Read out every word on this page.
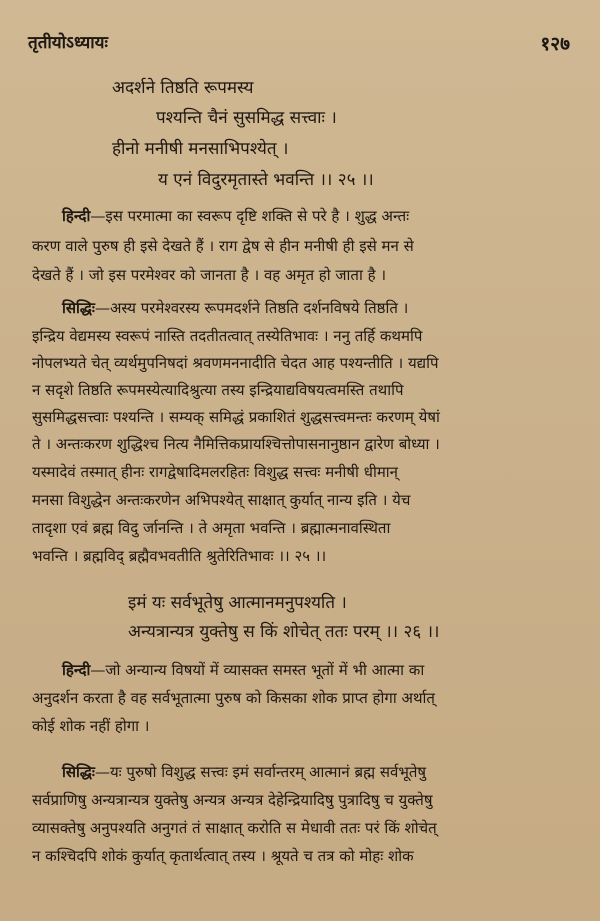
तृतीयोऽध्यायः	१२७
अदर्शने तिष्ठति रूपमस्य
पश्यन्ति चैनं सुसमिद्ध सत्त्वाः ।
हीनो मनीषी मनसाभिपश्येत् ।
य एनं विदुरमृतास्ते भवन्ति ।। २५ ।।
हिन्दी—इस परमात्मा का स्वरूप दृष्टि शक्ति से परे है । शुद्ध अन्तः
करण वाले पुरुष ही इसे देखते हैं । राग द्वेष से हीन मनीषी ही इसे मन से
देखते हैं । जो इस परमेश्वर को जानता है । वह अमृत हो जाता है ।
सिद्धिः—अस्य परमेश्वरस्य रूपमदर्शने तिष्ठति दर्शनविषये तिष्ठति ।
इन्द्रिय वेद्यमस्य स्वरूपं नास्ति तदतीतत्वात् तस्येतिभावः । ननु तर्हि कथमपि
नोपलभ्यते चेत् व्यर्थमुपनिषदां श्रवणमननादीति चेदत आह पश्यन्तीति । यद्यपि
न सदृशे तिष्ठति रूपमस्येत्यादिश्रुत्या तस्य इन्द्रियाद्यविषयत्वमस्ति तथापि
सुसमिद्धसत्त्वाः पश्यन्ति । सम्यक् समिद्धं प्रकाशितं शुद्धसत्त्वमन्तः करणम् येषां
ते । अन्तःकरण शुद्धिश्च नित्य नैमित्तिकप्रायश्चित्तोपासनानुष्ठान द्वारेण बोध्या ।
यस्मादेवं तस्मात् हीनः रागद्वेषादिमलरहितः विशुद्ध सत्त्वः मनीषी धीमान्
मनसा विशुद्धेन अन्तःकरणेन अभिपश्येत् साक्षात् कुर्यात् नान्य इति । येच
तादृशा एवं ब्रह्म विदु र्जानन्ति । ते अमृता भवन्ति । ब्रह्मात्मनावस्थिता
भवन्ति । ब्रह्मविद् ब्रह्मैवभवतीति श्रुतेरितिभावः ।। २५ ।।
इमं यः सर्वभूतेषु आत्मानमनुपश्यति ।
अन्यत्रान्यत्र युक्तेषु स किं शोचेत् ततः परम् ।। २६ ।।
हिन्दी—जो अन्यान्य विषयों में व्यासक्त समस्त भूतों में भी आत्मा का
अनुदर्शन करता है वह सर्वभूतात्मा पुरुष को किसका शोक प्राप्त होगा अर्थात्
कोई शोक नहीं होगा ।
सिद्धिः—यः पुरुषो विशुद्ध सत्त्वः इमं सर्वान्तरम् आत्मानं ब्रह्म सर्वभूतेषु
सर्वप्राणिषु अन्यत्रान्यत्र युक्तेषु अन्यत्र अन्यत्र देहेन्द्रियादिषु पुत्रादिषु च युक्तेषु
व्यासक्तेषु अनुपश्यति अनुगतं तं साक्षात् करोति स मेधावी ततः परं किं शोचेत्
न कश्चिदपि शोकं कुर्यात् कृतार्थत्वात् तस्य । श्रूयते च तत्र को मोहः शोक
